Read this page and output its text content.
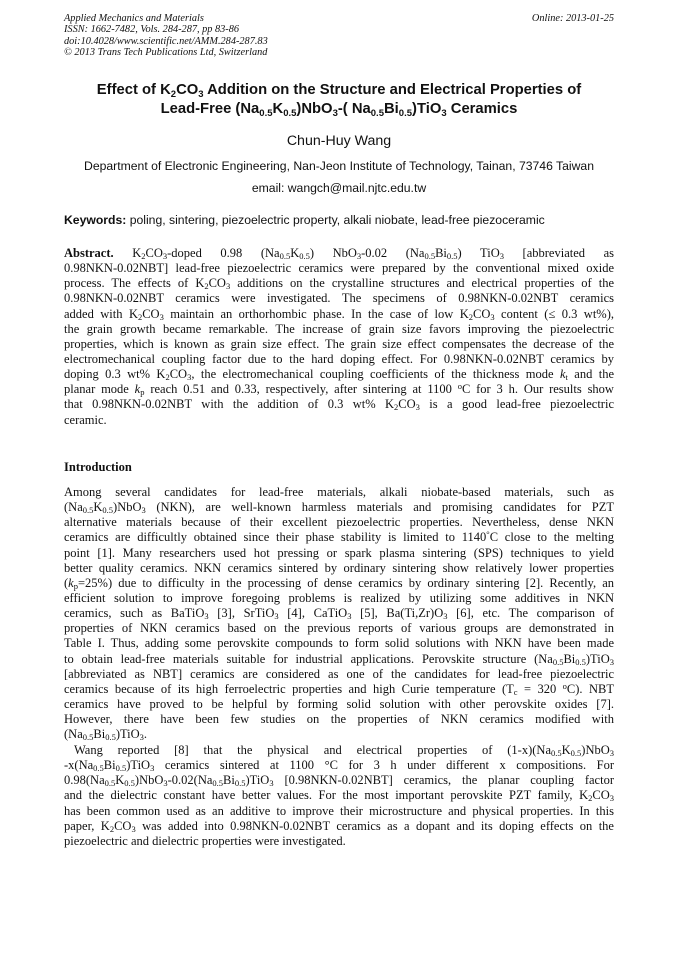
Applied Mechanics and Materials
ISSN: 1662-7482, Vols. 284-287, pp 83-86
doi:10.4028/www.scientific.net/AMM.284-287.83
© 2013 Trans Tech Publications Ltd, Switzerland
Online: 2013-01-25
Effect of $K_2CO_3$ Addition on the Structure and Electrical Properties of
Lead-Free $(Na_{0.5}K_{0.5})NbO_3-$( $Na_{0.5}Bi_{0.5})TiO_3$ Ceramics
Chun-Huy Wang
Department of Electronic Engineering, Nan-Jeon Institute of Technology, Tainan, 73746 Taiwan
email: wangch@mail.njtc.edu.tw
Keywords: poling, sintering, piezoelectric property, alkali niobate, lead-free piezoceramic
Abstract. $K_2CO_3$-doped 0.98 $(Na_{0.5}K_{0.5})$ NbO$_3$-0.02 $(Na_{0.5}Bi_{0.5})$ TiO$_3$ [abbreviated as
0.98NKN-0.02NBT] lead-free piezoelectric ceramics were prepared by the conventional mixed oxide
process. The effects of $K_2CO_3$ additions on the crystalline structures and electrical properties of the
0.98NKN-0.02NBT ceramics were investigated. The specimens of 0.98NKN-0.02NBT ceramics
added with $K_2CO_3$ maintain an orthorhombic phase. In the case of low $K_2CO_3$ content (≤ 0.3 wt%),
the grain growth became remarkable. The increase of grain size favors improving the piezoelectric
properties, which is known as grain size effect. The grain size effect compensates the decrease of the
electromechanical coupling factor due to the hard doping effect. For 0.98NKN-0.02NBT ceramics by
doping 0.3 wt% $K_2CO_3$, the electromechanical coupling coefficients of the thickness mode $k_t$ and the
planar mode $k_p$ reach 0.51 and 0.33, respectively, after sintering at 1100 $^o$C for 3 h. Our results show
that 0.98NKN-0.02NBT with the addition of 0.3 wt% $K_2CO_3$ is a good lead-free piezoelectric
ceramic.
Introduction
Among several candidates for lead-free materials, alkali niobate-based materials, such as
$(Na_{0.5}K_{0.5})NbO_3$ (NKN), are well-known harmless materials and promising candidates for PZT
alternative materials because of their excellent piezoelectric properties. Nevertheless, dense NKN
ceramics are difficultly obtained since their phase stability is limited to 1140°C close to the melting
point [1]. Many researchers used hot pressing or spark plasma sintering (SPS) techniques to yield
better quality ceramics. NKN ceramics sintered by ordinary sintering show relatively lower properties
$(k_p=25\%)$ due to difficulty in the processing of dense ceramics by ordinary sintering [2]. Recently, an
efficient solution to improve foregoing problems is realized by utilizing some additives in NKN
ceramics, such as BaTiO$_3$ [3], SrTiO$_3$ [4], CaTiO$_3$ [5], $Ba(Ti,Zr)O_3$ [6], etc. The comparison of
properties of NKN ceramics based on the previous reports of various groups are demonstrated in
Table I. Thus, adding some perovskite compounds to form solid solutions with NKN have been made
to obtain lead-free materials suitable for industrial applications. Perovskite structure $(Na_{0.5}Bi_{0.5})TiO_3$
[abbreviated as NBT] ceramics are considered as one of the candidates for lead-free piezoelectric
ceramics because of its high ferroelectric properties and high Curie temperature ($T_c = 320$ $^o$C). NBT
ceramics have proved to be helpful by forming solid solution with other perovskite oxides [7].
However, there have been few studies on the properties of NKN ceramics modified with
$(Na_{0.5}Bi_{0.5})TiO_3$.
Wang reported [8] that the physical and electrical properties of $(1-x)(Na_{0.5}K_{0.5})NbO_3$
$-x(Na_{0.5}Bi_{0.5})TiO_3$ ceramics sintered at 1100 °C for 3 h under different x compositions. For
$0.98(Na_{0.5}K_{0.5})NbO_3-0.02(Na_{0.5}Bi_{0.5})TiO_3$ [0.98NKN-0.02NBT] ceramics, the planar coupling factor
and the dielectric constant have better values. For the most important perovskite PZT family, $K_2CO_3$
has been common used as an additive to improve their microstructure and physical properties. In this
paper, $K_2CO_3$ was added into 0.98NKN-0.02NBT ceramics as a dopant and its doping effects on the
piezoelectric and dielectric properties were investigated.
